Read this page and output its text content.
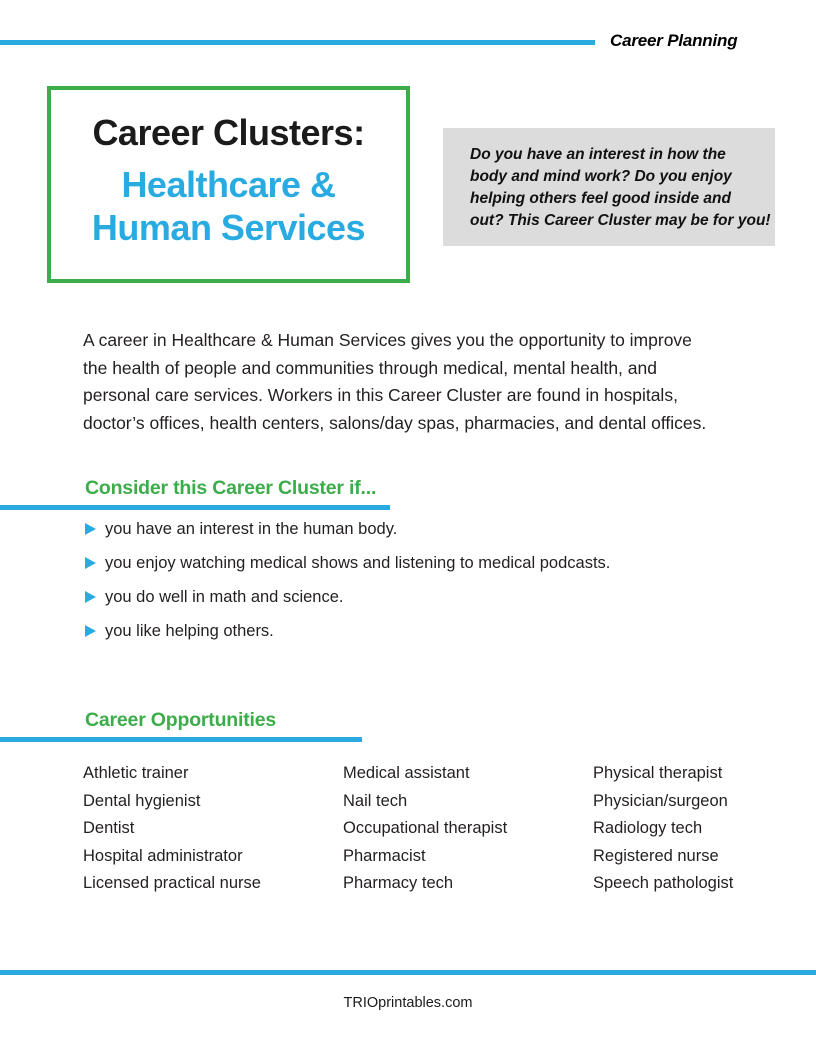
Career Planning
Career Clusters:
Healthcare &
Human Services
Do you have an interest in how the
body and mind work? Do you enjoy
helping others feel good inside and
out? This Career Cluster may be for you!
A career in Healthcare & Human Services gives you the opportunity to improve
the health of people and communities through medical, mental health, and
personal care services. Workers in this Career Cluster are found in hospitals,
doctor’s offices, health centers, salons/day spas, pharmacies, and dental offices.
Consider this Career Cluster if...
you have an interest in the human body.
you enjoy watching medical shows and listening to medical podcasts.
you do well in math and science.
you like helping others.
Career Opportunities
Athletic trainer
Dental hygienist
Dentist
Hospital administrator
Licensed practical nurse
Medical assistant
Nail tech
Occupational therapist
Pharmacist
Pharmacy tech
Physical therapist
Physician/surgeon
Radiology tech
Registered nurse
Speech pathologist
TRIOprintables.com
